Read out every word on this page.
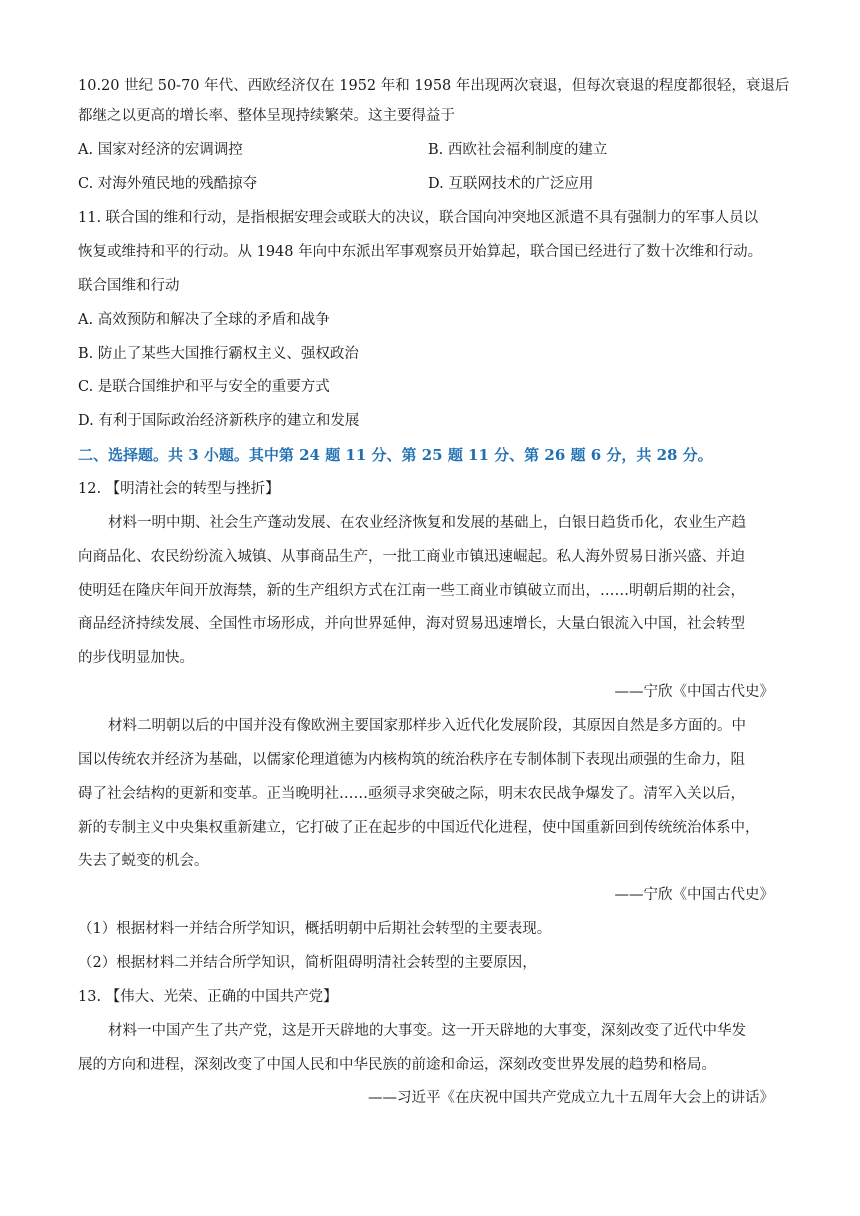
10.20 世纪 50-70 年代、西欧经济仅在 1952 年和 1958 年出现两次衰退，但每次衰退的程度都很轻，衰退后
都继之以更高的增长率、整体呈现持续繁荣。这主要得益于
A. 国家对经济的宏调调控	B. 西欧社会福利制度的建立
C. 对海外殖民地的残酷掠夺	D. 互联网技术的广泛应用
11. 联合国的维和行动，是指根据安理会或联大的决议，联合国向冲突地区派遣不具有强制力的军事人员以
恢复或维持和平的行动。从 1948 年向中东派出军事观察员开始算起，联合国已经进行了数十次维和行动。
联合国维和行动
A. 高效预防和解决了全球的矛盾和战争
B. 防止了某些大国推行霸权主义、强权政治
C. 是联合国维护和平与安全的重要方式
D. 有利于国际政治经济新秩序的建立和发展
二、选择题。共 3 小题。其中第 24 题 11 分、第 25 题 11 分、第 26 题 6 分，共 28 分。
12. 【明清社会的转型与挫折】
材料一明中期、社会生产蓬动发展、在农业经济恢复和发展的基础上，白银日趋货币化，农业生产趋
向商品化、农民纷纷流入城镇、从事商品生产，一批工商业市镇迅速崛起。私人海外贸易日浙兴盛、并迫
使明廷在隆庆年间开放海禁，新的生产组织方式在江南一些工商业市镇破立而出，……明朝后期的社会，
商品经济持续发展、全国性市场形成，并向世界延伸，海对贸易迅速增长，大量白银流入中国，社会转型
的步伐明显加快。
——宁欣《中国古代史》
材料二明朝以后的中国并没有像欧洲主要国家那样步入近代化发展阶段，其原因自然是多方面的。中
国以传统农并经济为基础，以儒家伦理道德为内核构筑的统治秩序在专制体制下表现出顽强的生命力，阻
碍了社会结构的更新和变革。正当晚明社……亟须寻求突破之际，明末农民战争爆发了。清军入关以后，
新的专制主义中央集权重新建立，它打破了正在起步的中国近代化进程，使中国重新回到传统统治体系中，
失去了蜕变的机会。
——宁欣《中国古代史》
（1）根据材料一并结合所学知识，概括明朝中后期社会转型的主要表现。
（2）根据材料二并结合所学知识，简析阻碍明清社会转型的主要原因，
13. 【伟大、光荣、正确的中国共产党】
材料一中国产生了共产党，这是开天辟地的大事变。这一开天辟地的大事变，深刻改变了近代中华发
展的方向和进程，深刻改变了中国人民和中华民族的前途和命运，深刻改变世界发展的趋势和格局。
——习近平《在庆祝中国共产党成立九十五周年大会上的讲话》
